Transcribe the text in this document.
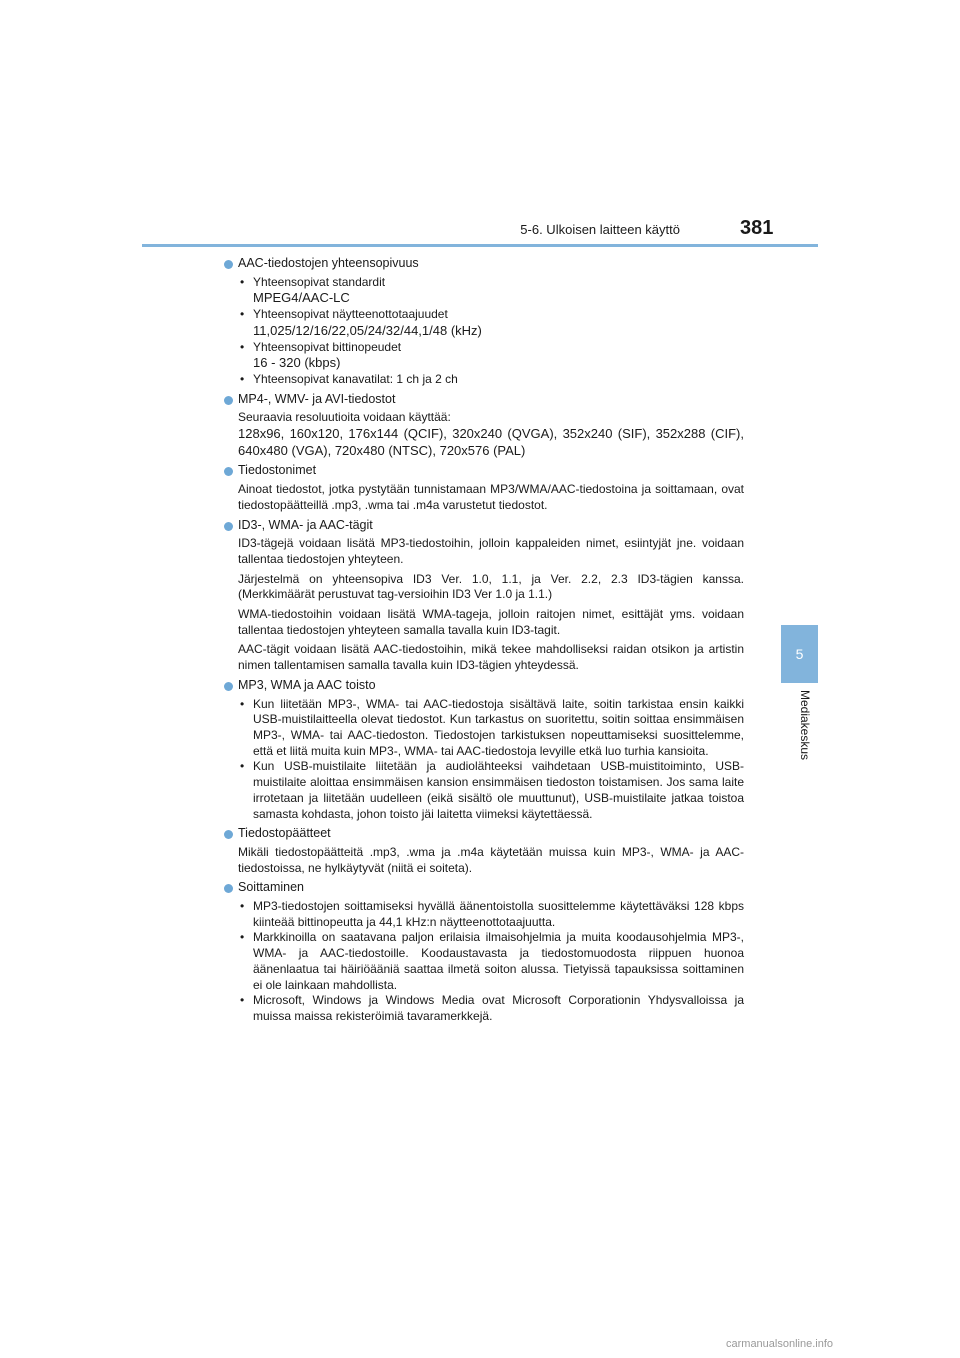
5-6. Ulkoisen laitteen käyttö	381
5
Mediakeskus
AAC-tiedostojen yhteensopivuus
• Yhteensopivat standardit
MPEG4/AAC-LC
• Yhteensopivat näytteenottotaajuudet
11,025/12/16/22,05/24/32/44,1/48 (kHz)
• Yhteensopivat bittinopeudet
16 - 320 (kbps)
• Yhteensopivat kanavatilat: 1 ch ja 2 ch
MP4-, WMV- ja AVI-tiedostot
Seuraavia resoluutioita voidaan käyttää:
128x96, 160x120, 176x144 (QCIF), 320x240 (QVGA), 352x240 (SIF), 352x288 (CIF), 640x480 (VGA), 720x480 (NTSC), 720x576 (PAL)
Tiedostonimet
Ainoat tiedostot, jotka pystytään tunnistamaan MP3/WMA/AAC-tiedostoina ja soittamaan, ovat tiedostopäätteillä .mp3, .wma tai .m4a varustetut tiedostot.
ID3-, WMA- ja AAC-tägit
ID3-tägejä voidaan lisätä MP3-tiedostoihin, jolloin kappaleiden nimet, esiintyjät jne. voidaan tallentaa tiedostojen yhteyteen.
Järjestelmä on yhteensopiva ID3 Ver. 1.0, 1.1, ja Ver. 2.2, 2.3 ID3-tägien kanssa. (Merkkimäärät perustuvat tag-versioihin ID3 Ver 1.0 ja 1.1.)
WMA-tiedostoihin voidaan lisätä WMA-tageja, jolloin raitojen nimet, esittäjät yms. voidaan tallentaa tiedostojen yhteyteen samalla tavalla kuin ID3-tagit.
AAC-tägit voidaan lisätä AAC-tiedostoihin, mikä tekee mahdolliseksi raidan otsikon ja artistin nimen tallentamisen samalla tavalla kuin ID3-tägien yhteydessä.
MP3, WMA ja AAC toisto
• Kun liitetään MP3-, WMA- tai AAC-tiedostoja sisältävä laite, soitin tarkistaa ensin kaikki USB-muistilaitteella olevat tiedostot. Kun tarkastus on suoritettu, soitin soittaa ensimmäisen MP3-, WMA- tai AAC-tiedoston. Tiedostojen tarkistuksen nopeuttamiseksi suosittelemme, että et liitä muita kuin MP3-, WMA- tai AAC-tiedostoja levyille etkä luo turhia kansioita.
• Kun USB-muistilaite liitetään ja audiolähteeksi vaihdetaan USB-muistitoiminto, USB-muistilaite aloittaa ensimmäisen kansion ensimmäisen tiedoston toistamisen. Jos sama laite irrotetaan ja liitetään uudelleen (eikä sisältö ole muuttunut), USB-muistilaite jatkaa toistoa samasta kohdasta, johon toisto jäi laitetta viimeksi käytettäessä.
Tiedostopäätteet
Mikäli tiedostopäätteitä .mp3, .wma ja .m4a käytetään muissa kuin MP3-, WMA- ja AAC-tiedostoissa, ne hylkäytyvät (niitä ei soiteta).
Soittaminen
• MP3-tiedostojen soittamiseksi hyvällä äänentoistolla suosittelemme käytettäväksi 128 kbps kiinteää bittinopeutta ja 44,1 kHz:n näytteenottotaajuutta.
• Markkinoilla on saatavana paljon erilaisia ilmaisohjelmia ja muita koodausohjelmia MP3-, WMA- ja AAC-tiedostoille. Koodaustavasta ja tiedostomuodosta riippuen huonoa äänenlaatua tai häiriöääniä saattaa ilmetä soiton alussa. Tietyissä tapauksissa soittaminen ei ole lainkaan mahdollista.
• Microsoft, Windows ja Windows Media ovat Microsoft Corporationin Yhdysvalloissa ja muissa maissa rekisteröimiä tavaramerkkejä.
carmanualsonline.info
